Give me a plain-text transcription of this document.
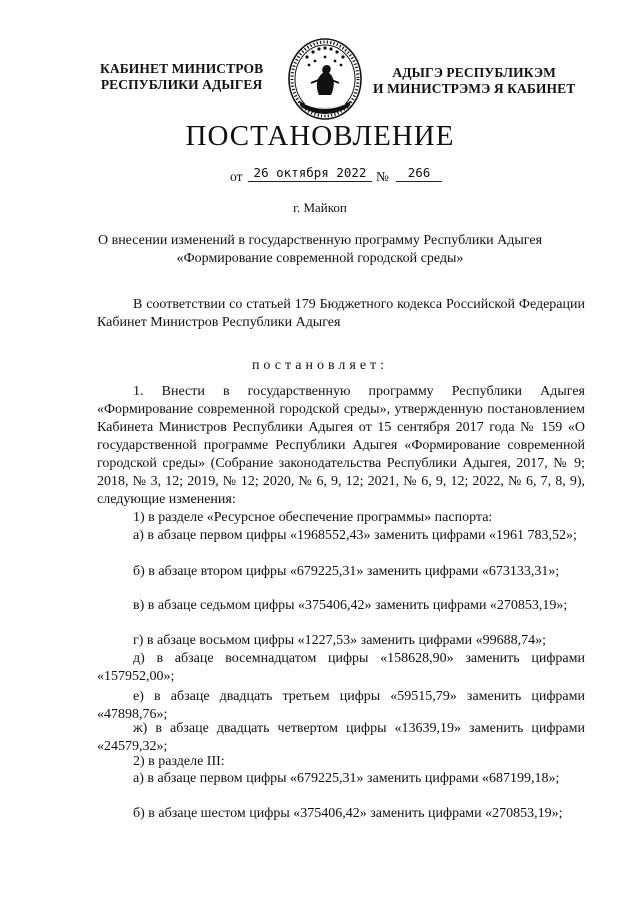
КАБИНЕТ МИНИСТРОВ
РЕСПУБЛИКИ АДЫГЕЯ
АДЫГЭ РЕСПУБЛИКЭМ
И МИНИСТРЭМЭ Я КАБИНЕТ
ПОСТАНОВЛЕНИЕ
от 26 октября 2022 №	266
г. Майкоп
О внесении изменений в государственную программу Республики Адыгея
«Формирование современной городской среды»
В соответствии со статьей 179 Бюджетного кодекса Российской Федерации Кабинет Министров Республики Адыгея
постановляет:
1. Внести в государственную программу Республики Адыгея «Формирование современной городской среды», утвержденную постановлением Кабинета Министров Республики Адыгея от 15 сентября 2017 года № 159 «О государственной программе Республики Адыгея «Формирование современной городской среды» (Собрание законодательства Республики Адыгея, 2017, № 9; 2018, № 3, 12; 2019, № 12; 2020, № 6, 9, 12; 2021, № 6, 9, 12; 2022, № 6, 7, 8, 9), следующие изменения:
1) в разделе «Ресурсное обеспечение программы» паспорта:
а) в абзаце первом цифры «1968552,43» заменить цифрами «1961 783,52»;
б) в абзаце втором цифры «679225,31» заменить цифрами «673133,31»;
в) в абзаце седьмом цифры «375406,42» заменить цифрами «270853,19»;
г) в абзаце восьмом цифры «1227,53» заменить цифрами «99688,74»;
д) в абзаце восемнадцатом цифры «158628,90» заменить цифрами «157952,00»;
е) в абзаце двадцать третьем цифры «59515,79» заменить цифрами «47898,76»;
ж) в абзаце двадцать четвертом цифры «13639,19» заменить цифрами «24579,32»;
2) в разделе III:
а) в абзаце первом цифры «679225,31» заменить цифрами «687199,18»;
б) в абзаце шестом цифры «375406,42» заменить цифрами «270853,19»;
